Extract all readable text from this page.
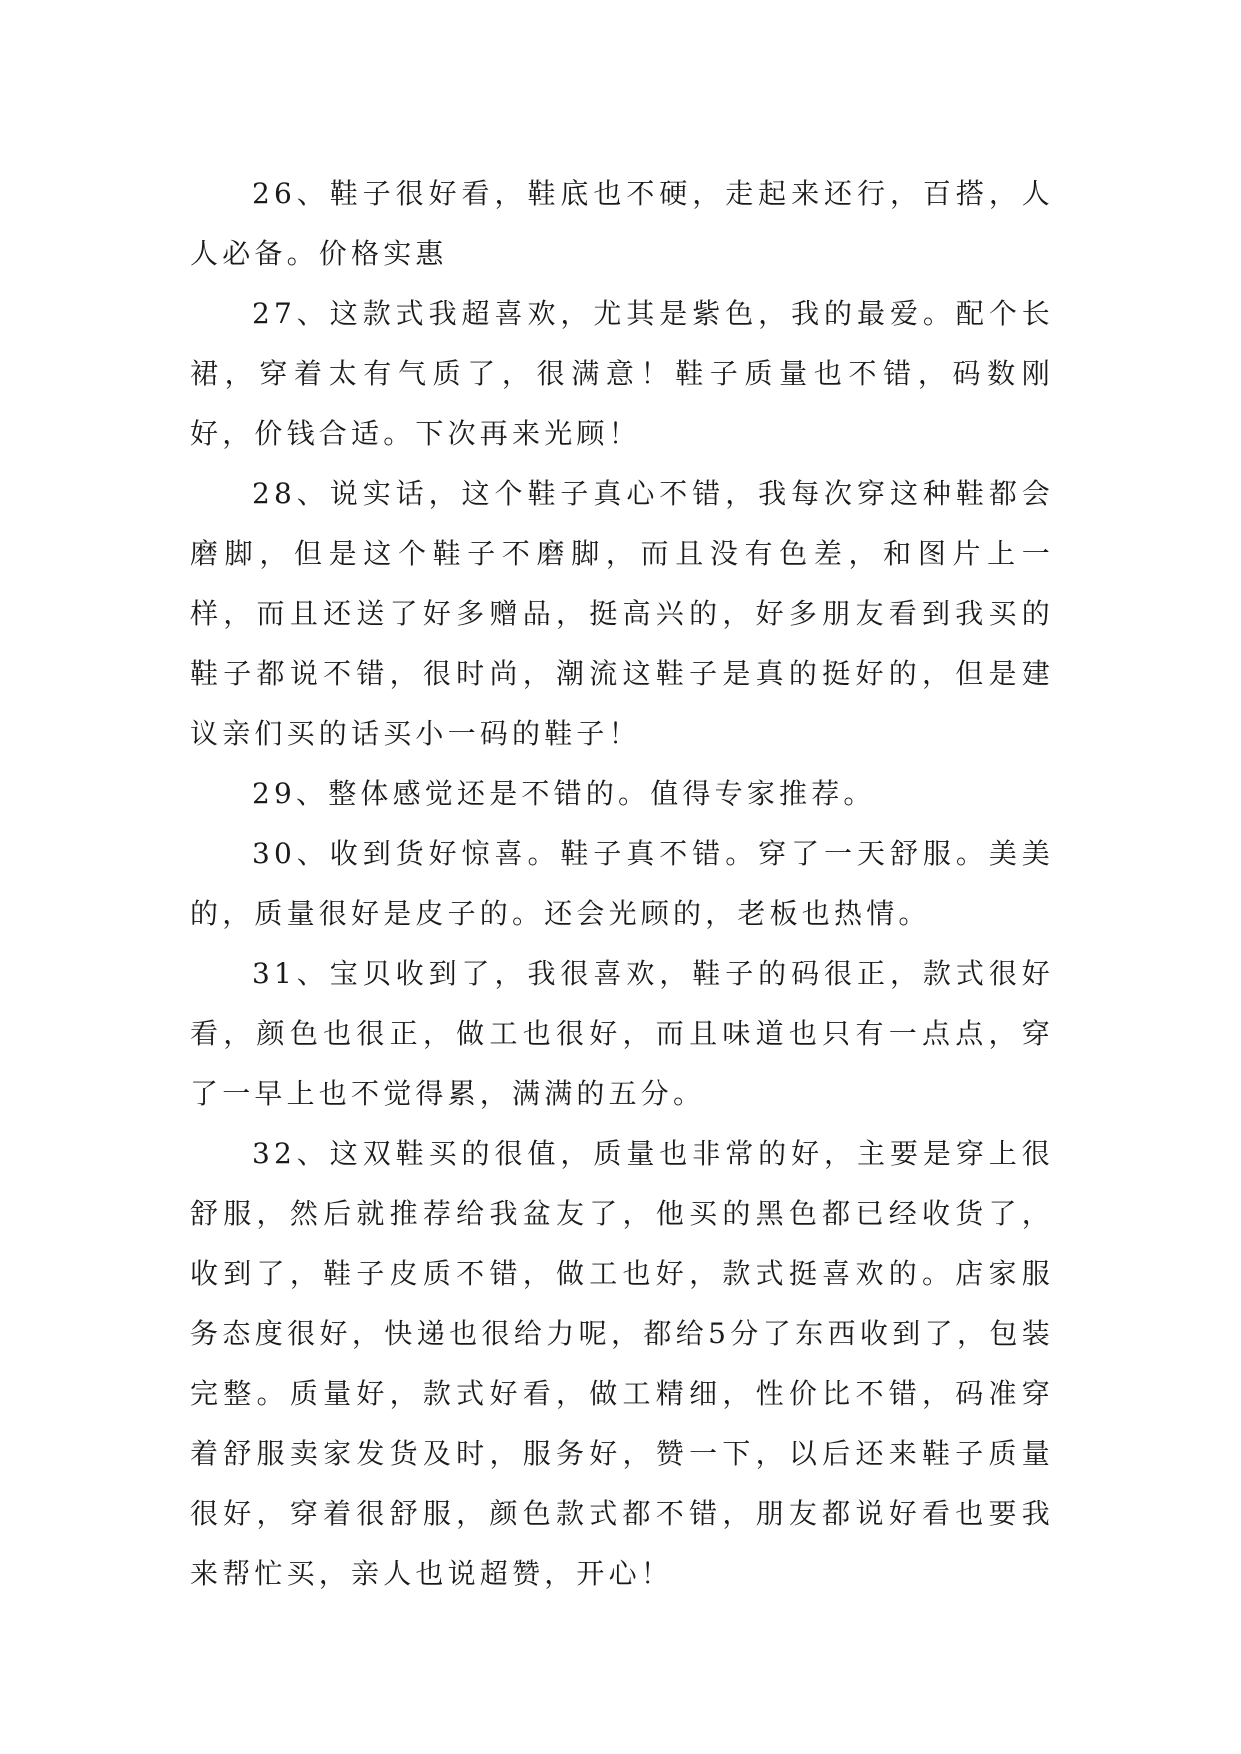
26、鞋子很好看，鞋底也不硬，走起来还行，百搭，人人必备。价格实惠

27、这款式我超喜欢，尤其是紫色，我的最爱。配个长裙，穿着太有气质了，很满意！鞋子质量也不错，码数刚好，价钱合适。下次再来光顾！

28、说实话，这个鞋子真心不错，我每次穿这种鞋都会磨脚，但是这个鞋子不磨脚，而且没有色差，和图片上一样，而且还送了好多赠品，挺高兴的，好多朋友看到我买的鞋子都说不错，很时尚，潮流这鞋子是真的挺好的，但是建议亲们买的话买小一码的鞋子！

29、整体感觉还是不错的。值得专家推荐。

30、收到货好惊喜。鞋子真不错。穿了一天舒服。美美的，质量很好是皮子的。还会光顾的，老板也热情。

31、宝贝收到了，我很喜欢，鞋子的码很正，款式很好看，颜色也很正，做工也很好，而且味道也只有一点点，穿了一早上也不觉得累，满满的五分。

32、这双鞋买的很值，质量也非常的好，主要是穿上很舒服，然后就推荐给我盆友了，他买的黑色都已经收货了，收到了，鞋子皮质不错，做工也好，款式挺喜欢的。店家服务态度很好，快递也很给力呢，都给5分了东西收到了，包装完整。质量好，款式好看，做工精细，性价比不错，码准穿着舒服卖家发货及时，服务好，赞一下，以后还来鞋子质量很好，穿着很舒服，颜色款式都不错，朋友都说好看也要我来帮忙买，亲人也说超赞，开心！
